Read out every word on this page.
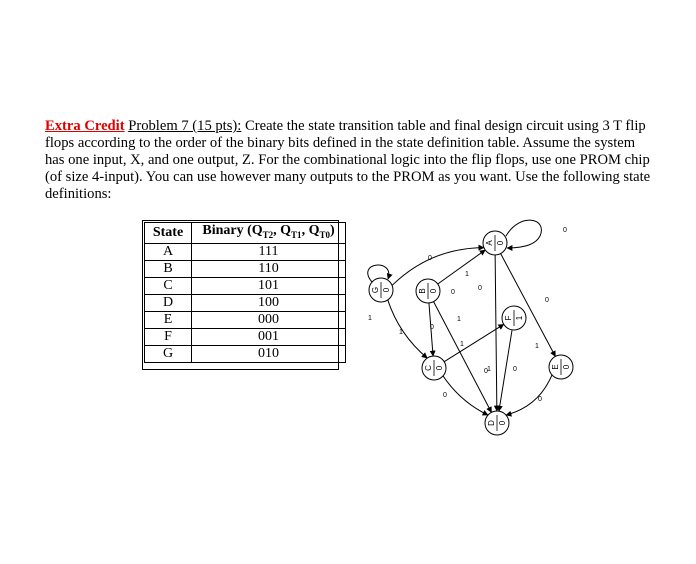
Extra Credit Problem 7 (15 pts): Create the state transition table and final design circuit using 3 T flip flops according to the order of the binary bits defined in the state definition table. Assume the system has one input, X, and one output, Z. For the combinational logic into the flip flops, use one PROM chip (of size 4-input). You can use however many outputs to the PROM as you want. Use the following state definitions:
State	Binary ($Q_{T2}$, $Q_{T1}$, $Q_{T0}$)
A	111
B	110
C	101
D	100
E	000
F	001
G	010
A 0
B 0
C 0
D 0
E 0
F 1
G 0
0
1
0
0
1
1
0
1
0
1
0
1
1	0
0
0
0
